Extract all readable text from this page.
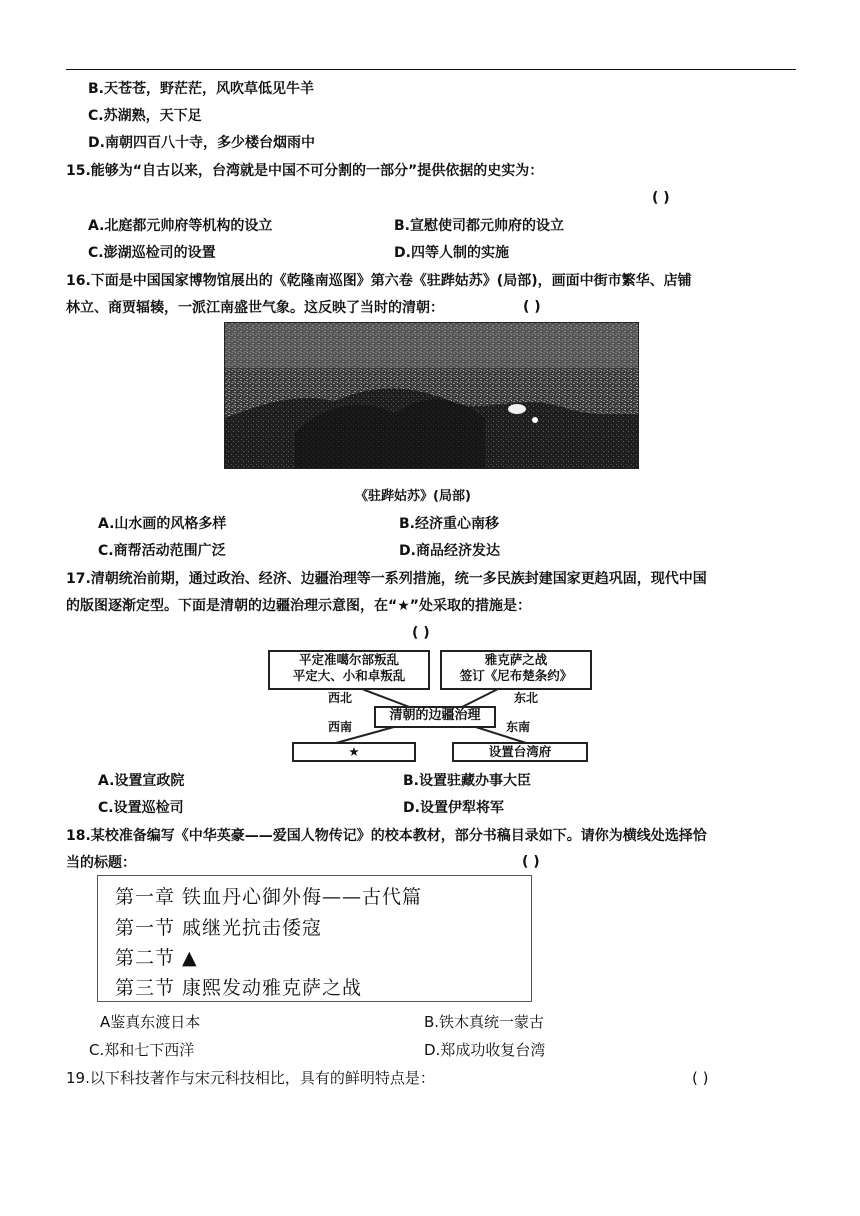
B.天苍苍，野茫茫，风吹草低见牛羊
C.苏湖熟，天下足
D.南朝四百八十寺，多少楼台烟雨中
15.能够为“自古以来，台湾就是中国不可分割的一部分”提供依据的史实为：
( )
A.北庭都元帅府等机构的设立	B.宣慰使司都元帅府的设立
C.澎湖巡检司的设置	D.四等人制的实施
16.下面是中国国家博物馆展出的《乾隆南巡图》第六卷《驻跸姑苏》(局部)，画面中街市繁华、店铺
林立、商贾辐辏，一派江南盛世气象。这反映了当时的清朝：	( )
《驻跸姑苏》(局部)
A.山水画的风格多样	B.经济重心南移
C.商帮活动范围广泛	D.商品经济发达
17.清朝统治前期，通过政治、经济、边疆治理等一系列措施，统一多民族封建国家更趋巩固，现代中国
的版图逐渐定型。下面是清朝的边疆治理示意图，在“★”处采取的措施是：
( )
平定准噶尔部叛乱
平定大、小和卓叛乱
雅克萨之战
签订《尼布楚条约》
西北	东北
清朝的边疆治理
西南	东南
★	设置台湾府
A.设置宣政院	B.设置驻藏办事大臣
C.设置巡检司	D.设置伊犁将军
18.某校准备编写《中华英豪——爱国人物传记》的校本教材，部分书稿目录如下。请你为横线处选择恰
当的标题：	( )
第一章 铁血丹心御外侮——古代篇
第一节 戚继光抗击倭寇
第二节 ▲
第三节 康熙发动雅克萨之战
A鉴真东渡日本	B.铁木真统一蒙古
C.郑和七下西洋	D.郑成功收复台湾
19.以下科技著作与宋元科技相比，具有的鲜明特点是：	( )
